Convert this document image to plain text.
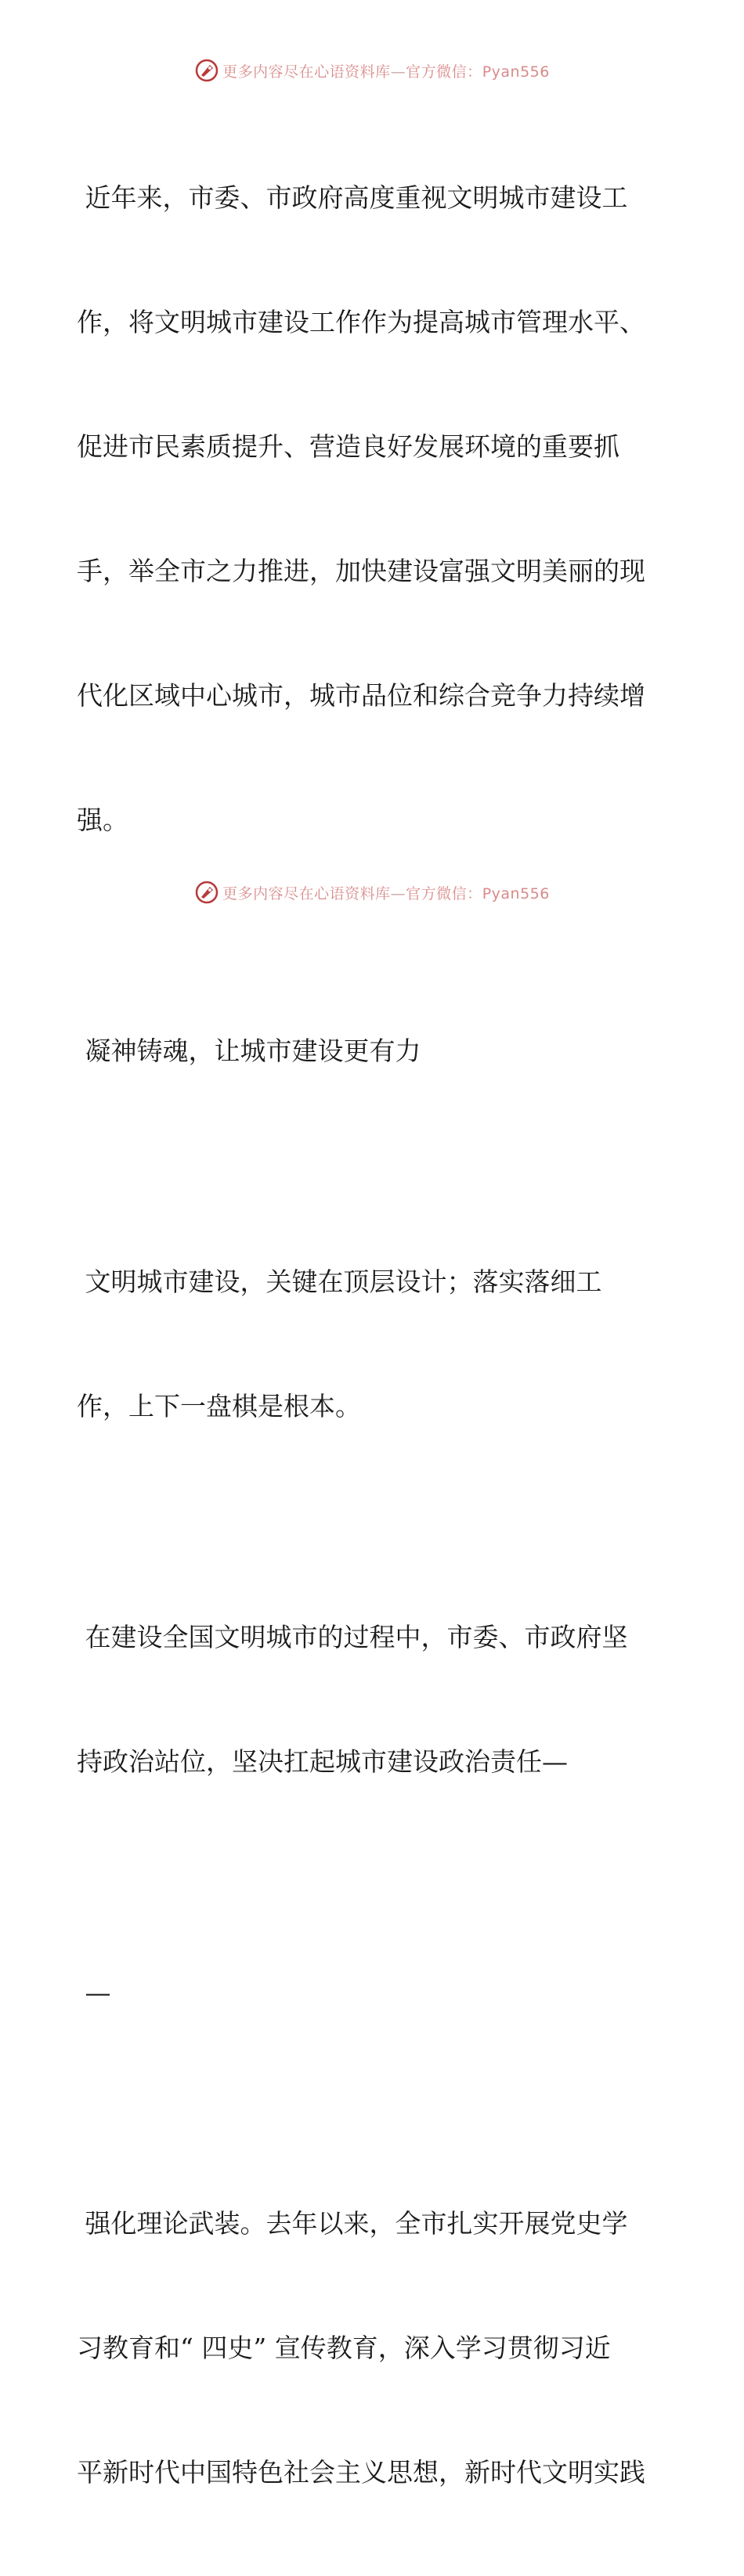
更多内容尽在心语资料库—官方微信：Pyan556

近年来，市委、市政府高度重视文明城市建设工

作，将文明城市建设工作作为提高城市管理水平、

促进市民素质提升、营造良好发展环境的重要抓

手，举全市之力推进，加快建设富强文明美丽的现

代化区域中心城市，城市品位和综合竞争力持续增

强。

凝神铸魂，让城市建设更有力

文明城市建设，关键在顶层设计；落实落细工

作，上下一盘棋是根本。

在建设全国文明城市的过程中，市委、市政府坚

持政治站位，坚决扛起城市建设政治责任—

—

强化理论武装。去年以来，全市扎实开展党史学

习教育和“ 四史” 宣传教育，深入学习贯彻习近

平新时代中国特色社会主义思想，新时代文明实践

更多内容尽在心语资料库—官方微信：Pyan556
